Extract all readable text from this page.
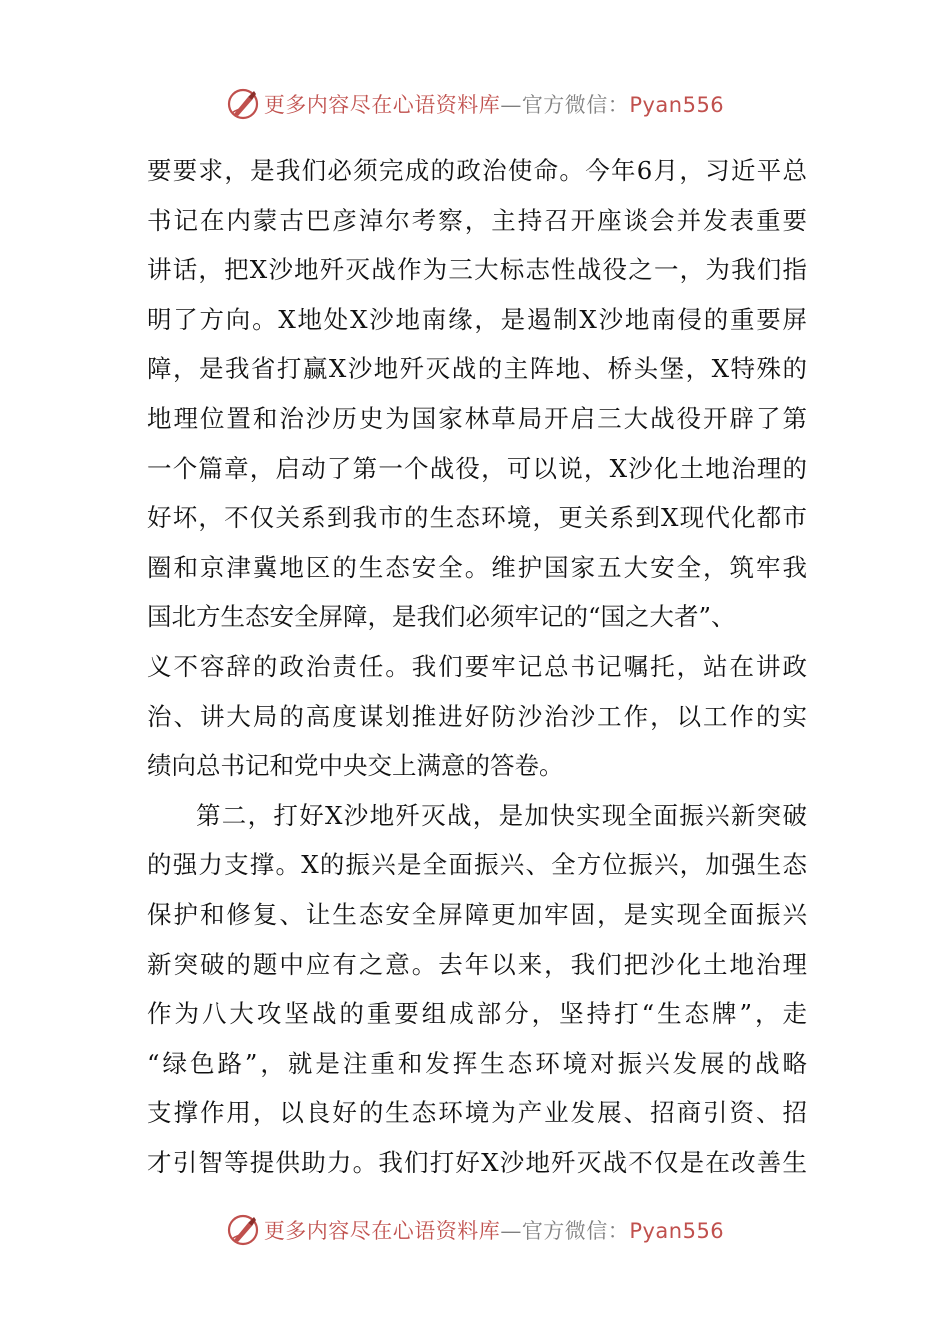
更多内容尽在心语资料库—官方微信：Pyan556
要要求，是我们必须完成的政治使命。今年6月，习近平总
书记在内蒙古巴彦淖尔考察，主持召开座谈会并发表重要
讲话，把X沙地歼灭战作为三大标志性战役之一，为我们指
明了方向。X地处X沙地南缘，是遏制X沙地南侵的重要屏
障，是我省打赢X沙地歼灭战的主阵地、桥头堡，X特殊的
地理位置和治沙历史为国家林草局开启三大战役开辟了第
一个篇章，启动了第一个战役，可以说，X沙化土地治理的
好坏，不仅关系到我市的生态环境，更关系到X现代化都市
圈和京津冀地区的生态安全。维护国家五大安全，筑牢我
国北方生态安全屏障，是我们必须牢记的“国之大者”、
义不容辞的政治责任。我们要牢记总书记嘱托，站在讲政
治、讲大局的高度谋划推进好防沙治沙工作，以工作的实
绩向总书记和党中央交上满意的答卷。
第二，打好X沙地歼灭战，是加快实现全面振兴新突破
的强力支撑。X的振兴是全面振兴、全方位振兴，加强生态
保护和修复、让生态安全屏障更加牢固，是实现全面振兴
新突破的题中应有之意。去年以来，我们把沙化土地治理
作为八大攻坚战的重要组成部分，坚持打“生态牌”，走
“绿色路”，就是注重和发挥生态环境对振兴发展的战略
支撑作用，以良好的生态环境为产业发展、招商引资、招
才引智等提供助力。我们打好X沙地歼灭战不仅是在改善生
更多内容尽在心语资料库—官方微信：Pyan556
